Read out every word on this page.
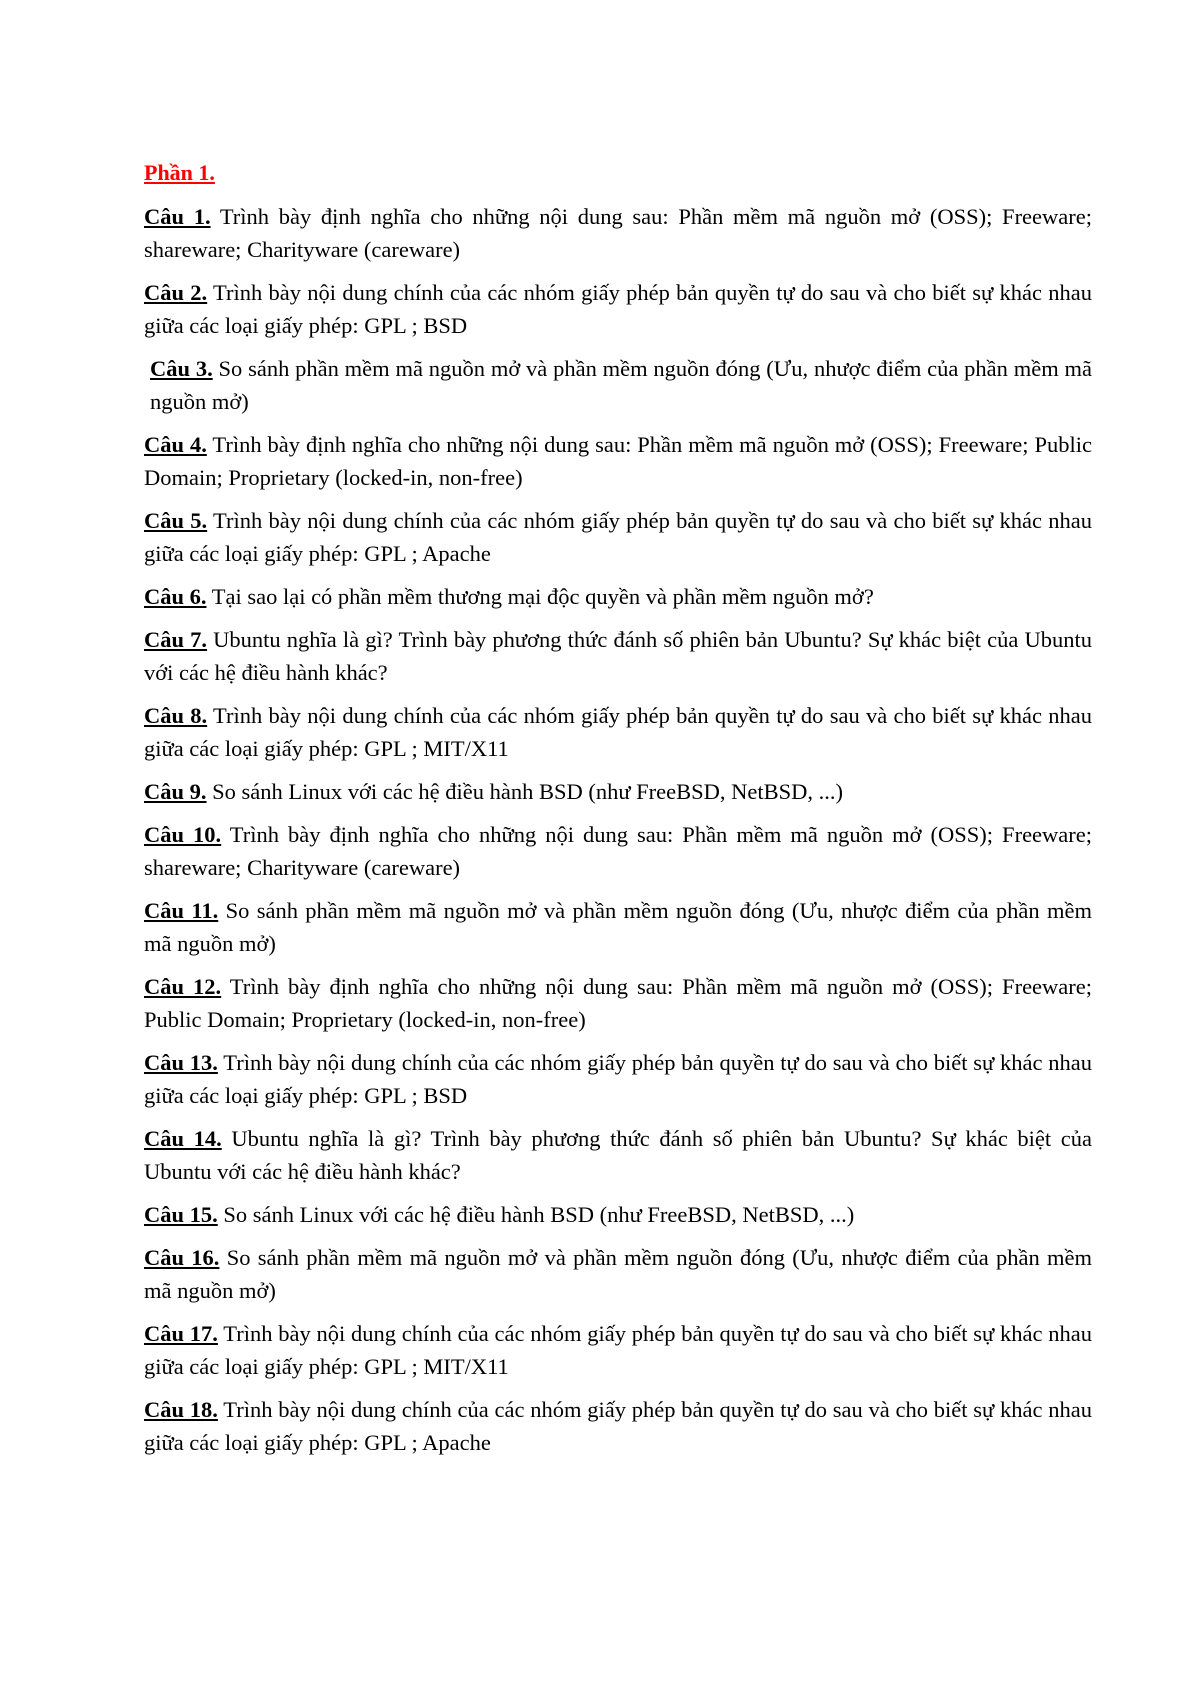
Phần 1.
Câu 1. Trình bày định nghĩa cho những nội dung sau: Phần mềm mã nguồn mở (OSS); Freeware; shareware; Charityware (careware)
Câu 2. Trình bày nội dung chính của các nhóm giấy phép bản quyền tự do sau và cho biết sự khác nhau giữa các loại giấy phép: GPL ; BSD
Câu 3. So sánh phần mềm mã nguồn mở và phần mềm nguồn đóng (Ưu, nhược điểm của phần mềm mã nguồn mở)
Câu 4. Trình bày định nghĩa cho những nội dung sau: Phần mềm mã nguồn mở (OSS); Freeware; Public Domain; Proprietary (locked-in, non-free)
Câu 5. Trình bày nội dung chính của các nhóm giấy phép bản quyền tự do sau và cho biết sự khác nhau giữa các loại giấy phép: GPL ; Apache
Câu 6. Tại sao lại có phần mềm thương mại độc quyền và phần mềm nguồn mở?
Câu 7. Ubuntu nghĩa là gì? Trình bày phương thức đánh số phiên bản Ubuntu? Sự khác biệt của Ubuntu với các hệ điều hành khác?
Câu 8. Trình bày nội dung chính của các nhóm giấy phép bản quyền tự do sau và cho biết sự khác nhau giữa các loại giấy phép: GPL ; MIT/X11
Câu 9. So sánh Linux với các hệ điều hành BSD (như FreeBSD, NetBSD, ...)
Câu 10. Trình bày định nghĩa cho những nội dung sau: Phần mềm mã nguồn mở (OSS); Freeware; shareware; Charityware (careware)
Câu 11. So sánh phần mềm mã nguồn mở và phần mềm nguồn đóng (Ưu, nhược điểm của phần mềm mã nguồn mở)
Câu 12. Trình bày định nghĩa cho những nội dung sau: Phần mềm mã nguồn mở (OSS); Freeware; Public Domain; Proprietary (locked-in, non-free)
Câu 13. Trình bày nội dung chính của các nhóm giấy phép bản quyền tự do sau và cho biết sự khác nhau giữa các loại giấy phép: GPL ; BSD
Câu 14. Ubuntu nghĩa là gì? Trình bày phương thức đánh số phiên bản Ubuntu? Sự khác biệt của Ubuntu với các hệ điều hành khác?
Câu 15. So sánh Linux với các hệ điều hành BSD (như FreeBSD, NetBSD, ...)
Câu 16. So sánh phần mềm mã nguồn mở và phần mềm nguồn đóng (Ưu, nhược điểm của phần mềm mã nguồn mở)
Câu 17. Trình bày nội dung chính của các nhóm giấy phép bản quyền tự do sau và cho biết sự khác nhau giữa các loại giấy phép: GPL ; MIT/X11
Câu 18. Trình bày nội dung chính của các nhóm giấy phép bản quyền tự do sau và cho biết sự khác nhau giữa các loại giấy phép: GPL ; Apache
